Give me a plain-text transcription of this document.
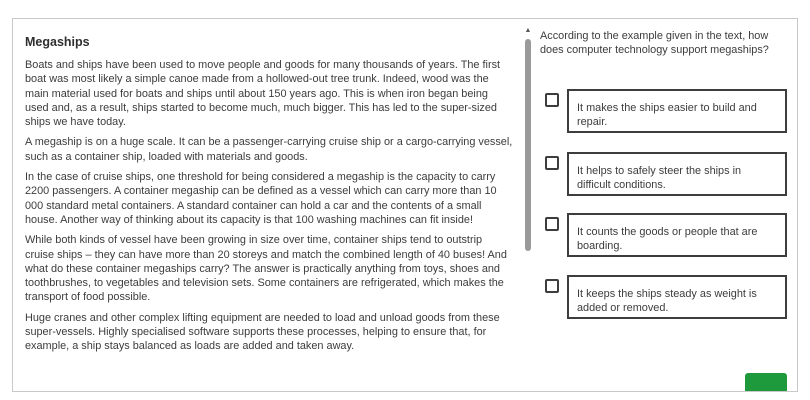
Megaships

Boats and ships have been used to move people and goods for many thousands of years. The first boat was most likely a simple canoe made from a hollowed-out tree trunk. Indeed, wood was the main material used for boats and ships until about 150 years ago. This is when iron began being used and, as a result, ships started to become much, much bigger. This has led to the super-sized ships we have today.

A megaship is on a huge scale. It can be a passenger-carrying cruise ship or a cargo-carrying vessel, such as a container ship, loaded with materials and goods.

In the case of cruise ships, one threshold for being considered a megaship is the capacity to carry 2200 passengers. A container megaship can be defined as a vessel which can carry more than 10 000 standard metal containers. A standard container can hold a car and the contents of a small house. Another way of thinking about its capacity is that 100 washing machines can fit inside!

While both kinds of vessel have been growing in size over time, container ships tend to outstrip cruise ships – they can have more than 20 storeys and match the combined length of 40 buses! And what do these container megaships carry? The answer is practically anything from toys, shoes and toothbrushes, to vegetables and television sets. Some containers are refrigerated, which makes the transport of food possible.

Huge cranes and other complex lifting equipment are needed to load and unload goods from these super-vessels. Highly specialised software supports these processes, helping to ensure that, for example, a ship stays balanced as loads are added and taken away.

▲ According to the example given in the text, how does computer technology support megaships?
It makes the ships easier to build and repair.
It helps to safely steer the ships in difficult conditions.
It counts the goods or people that are boarding.
It keeps the ships steady as weight is added or removed.
